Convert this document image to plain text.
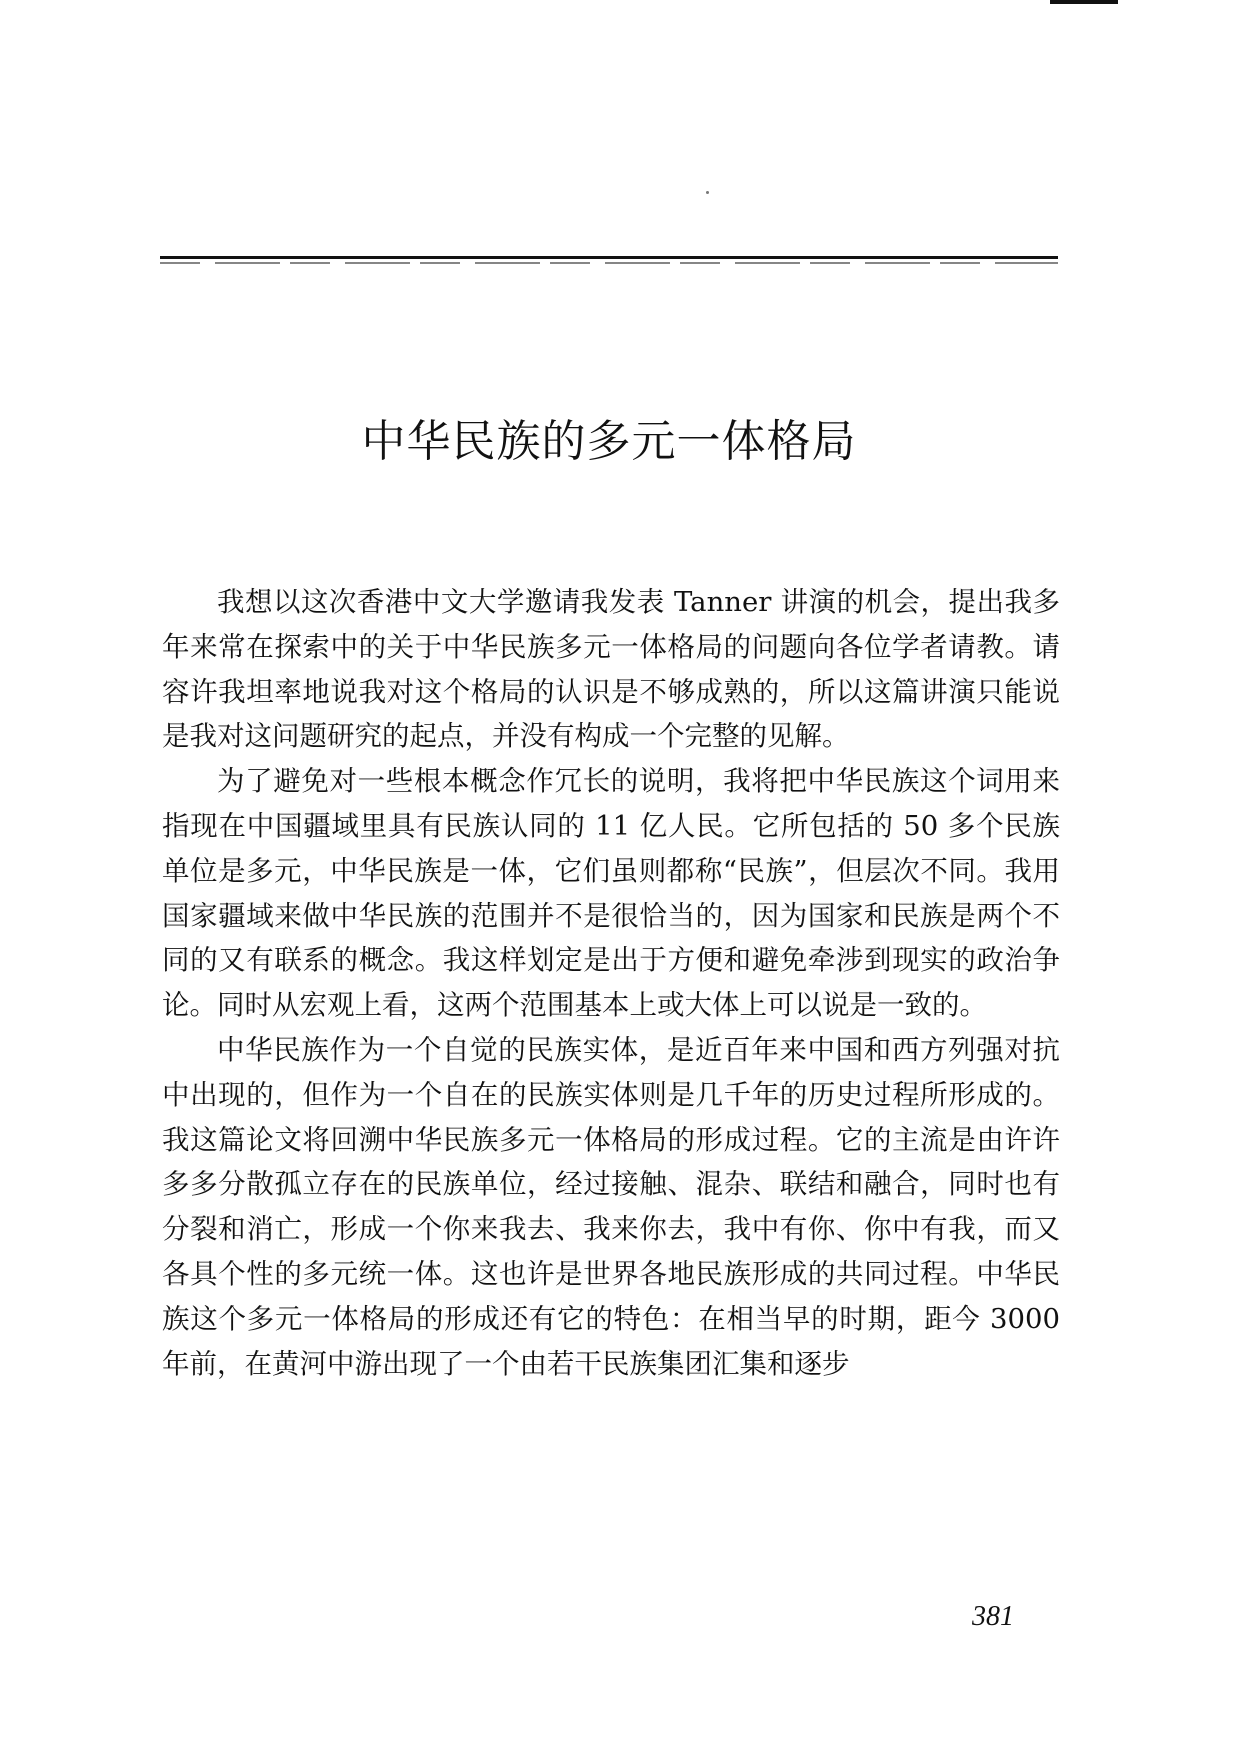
中华民族的多元一体格局

我想以这次香港中文大学邀请我发表 Tanner 讲演的机会，提出我多年来常在探索中的关于中华民族多元一体格局的问题向各位学者请教。请容许我坦率地说我对这个格局的认识是不够成熟的，所以这篇讲演只能说是我对这问题研究的起点，并没有构成一个完整的见解。

为了避免对一些根本概念作冗长的说明，我将把中华民族这个词用来指现在中国疆域里具有民族认同的 11 亿人民。它所包括的 50 多个民族单位是多元，中华民族是一体，它们虽则都称“民族”，但层次不同。我用国家疆域来做中华民族的范围并不是很恰当的，因为国家和民族是两个不同的又有联系的概念。我这样划定是出于方便和避免牵涉到现实的政治争论。同时从宏观上看，这两个范围基本上或大体上可以说是一致的。

中华民族作为一个自觉的民族实体，是近百年来中国和西方列强对抗中出现的，但作为一个自在的民族实体则是几千年的历史过程所形成的。我这篇论文将回溯中华民族多元一体格局的形成过程。它的主流是由许许多多分散孤立存在的民族单位，经过接触、混杂、联结和融合，同时也有分裂和消亡，形成一个你来我去、我来你去，我中有你、你中有我，而又各具个性的多元统一体。这也许是世界各地民族形成的共同过程。中华民族这个多元一体格局的形成还有它的特色：在相当早的时期，距今 3000 年前，在黄河中游出现了一个由若干民族集团汇集和逐步

381
